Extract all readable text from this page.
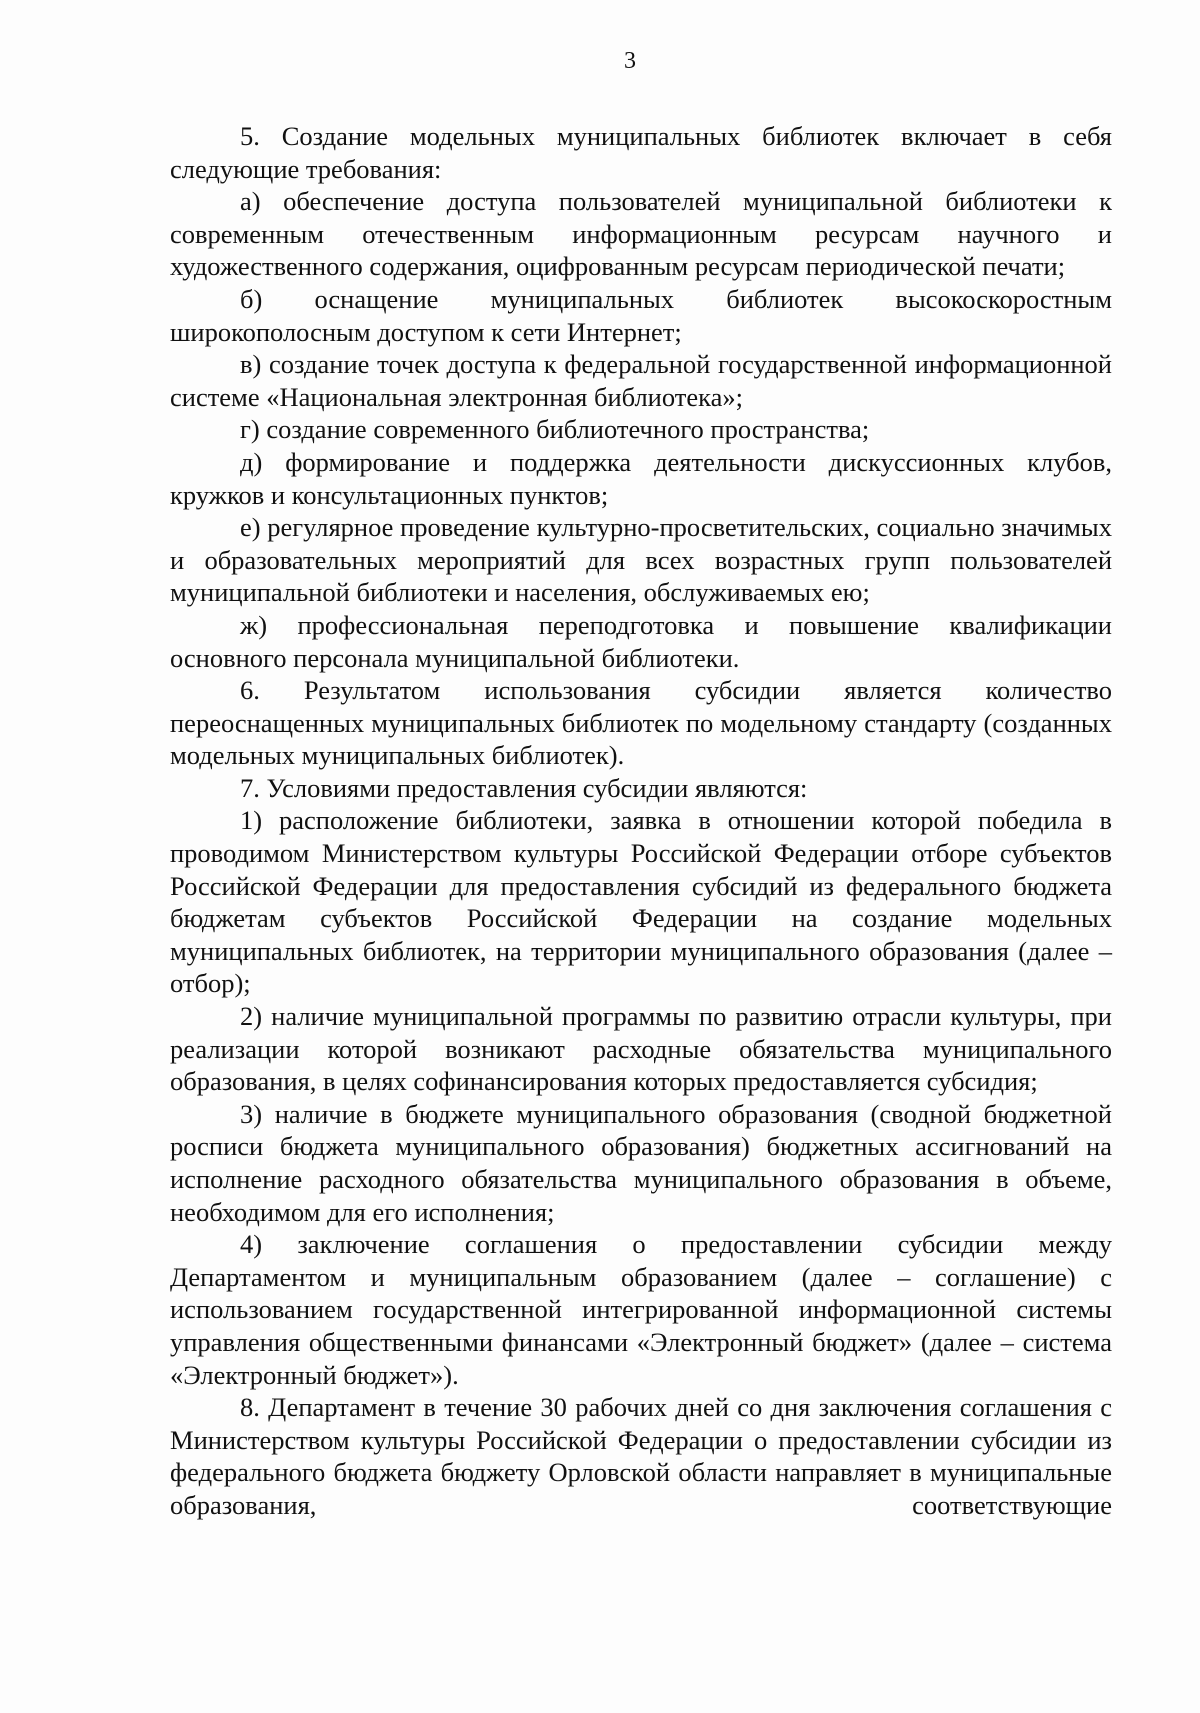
3

5. Создание модельных муниципальных библиотек включает в себя следующие требования:

а) обеспечение доступа пользователей муниципальной библиотеки к современным отечественным информационным ресурсам научного и художественного содержания, оцифрованным ресурсам периодической печати;

б) оснащение муниципальных библиотек высокоскоростным широкополосным доступом к сети Интернет;

в) создание точек доступа к федеральной государственной информационной системе «Национальная электронная библиотека»;

г) создание современного библиотечного пространства;

д) формирование и поддержка деятельности дискуссионных клубов, кружков и консультационных пунктов;

е) регулярное проведение культурно-просветительских, социально значимых и образовательных мероприятий для всех возрастных групп пользователей муниципальной библиотеки и населения, обслуживаемых ею;

ж) профессиональная переподготовка и повышение квалификации основного персонала муниципальной библиотеки.

6. Результатом использования субсидии является количество переоснащенных муниципальных библиотек по модельному стандарту (созданных модельных муниципальных библиотек).

7. Условиями предоставления субсидии являются:

1) расположение библиотеки, заявка в отношении которой победила в проводимом Министерством культуры Российской Федерации отборе субъектов Российской Федерации для предоставления субсидий из федерального бюджета бюджетам субъектов Российской Федерации на создание модельных муниципальных библиотек, на территории муниципального образования (далее – отбор);

2) наличие муниципальной программы по развитию отрасли культуры, при реализации которой возникают расходные обязательства муниципального образования, в целях софинансирования которых предоставляется субсидия;

3) наличие в бюджете муниципального образования (сводной бюджетной росписи бюджета муниципального образования) бюджетных ассигнований на исполнение расходного обязательства муниципального образования в объеме, необходимом для его исполнения;

4) заключение соглашения о предоставлении субсидии между Департаментом и муниципальным образованием (далее – соглашение) с использованием государственной интегрированной информационной системы управления общественными финансами «Электронный бюджет» (далее – система «Электронный бюджет»).

8. Департамент в течение 30 рабочих дней со дня заключения соглашения с Министерством культуры Российской Федерации о предоставлении субсидии из федерального бюджета бюджету Орловской области направляет в муниципальные образования, соответствующие
